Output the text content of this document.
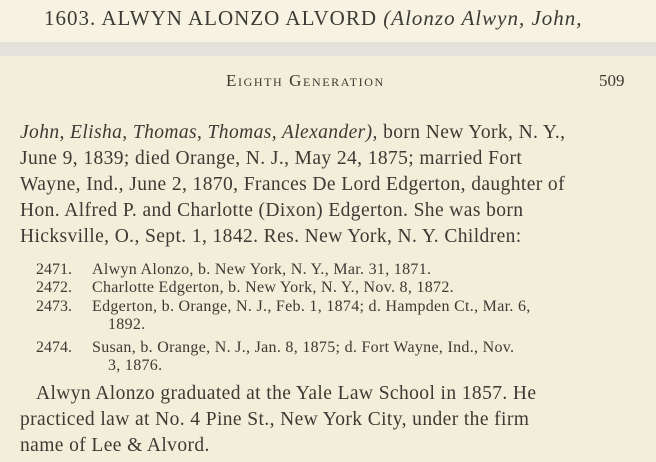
1603. ALWYN ALONZO ALVORD (Alonzo Alwyn, John,
Eighth Generation	509
John, Elisha, Thomas, Thomas, Alexander), born New York, N. Y.,
June 9, 1839; died Orange, N. J., May 24, 1875; married Fort
Wayne, Ind., June 2, 1870, Frances De Lord Edgerton, daughter of
Hon. Alfred P. and Charlotte (Dixon) Edgerton. She was born
Hicksville, O., Sept. 1, 1842. Res. New York, N. Y. Children:
2471. Alwyn Alonzo, b. New York, N. Y., Mar. 31, 1871.
2472. Charlotte Edgerton, b. New York, N. Y., Nov. 8, 1872.
2473. Edgerton, b. Orange, N. J., Feb. 1, 1874; d. Hampden Ct., Mar. 6,
1892.
2474. Susan, b. Orange, N. J., Jan. 8, 1875; d. Fort Wayne, Ind., Nov.
3, 1876.
Alwyn Alonzo graduated at the Yale Law School in 1857. He
practiced law at No. 4 Pine St., New York City, under the firm
name of Lee & Alvord.
